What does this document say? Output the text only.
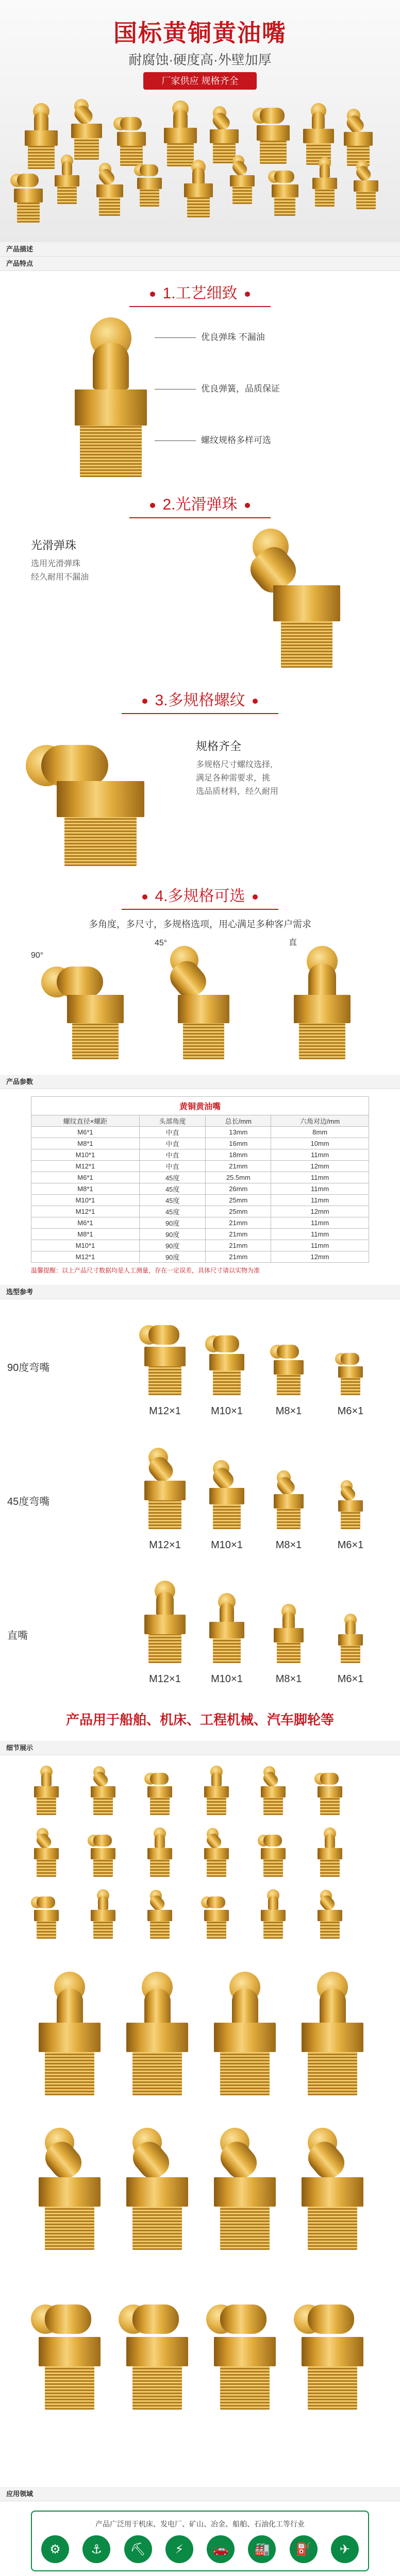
国标黄铜黄油嘴
耐腐蚀·硬度高·外壁加厚
厂家供应 规格齐全
产品描述
产品特点
1.工艺细致
优良弹珠 不漏油
优良弹簧，品质保证
螺纹规格多样可选
2.光滑弹珠
光滑弹珠
选用光滑弹珠
经久耐用不漏油
3.多规格螺纹
规格齐全
多规格尺寸螺纹选择,
满足各种需要求，挑
选品质材料，经久耐用
4.多规格可选
多角度，多尺寸，多规格选项，用心满足多种客户需求
90°
45°	直
产品参数
黄铜黄油嘴
螺纹直径×螺距	头部角度	总长/mm	六角对边/mm
M6*1	中直	13mm	8mm
M8*1	中直	16mm	10mm
M10*1	中直	18mm	11mm
M12*1	中直	21mm	12mm
M6*1	45度	25.5mm	11mm
M8*1	45度	26mm	11mm
M10*1	45度	25mm	11mm
M12*1	45度	25mm	12mm
M6*1	90度	21mm	11mm
M8*1	90度	21mm	11mm
M10*1	90度	21mm	11mm
M12*1	90度	21mm	12mm
温馨提醒：以上产品尺寸数据均是人工测量，存在一定误差，具体尺寸请以实物为准
选型参考
90度弯嘴
M12×1	M10×1	M8×1	M6×1
45度弯嘴
M12×1	M10×1	M8×1	M6×1
直嘴
M12×1	M10×1	M8×1	M6×1
产品用于船舶、机床、工程机械、汽车脚轮等
细节展示
应用领域
产品广泛用于机床、发电厂、矿山、冶金、船舶、石油化工等行业
⚙	⚓	⛏	⚡	🚗	🏭	⛽	✈
